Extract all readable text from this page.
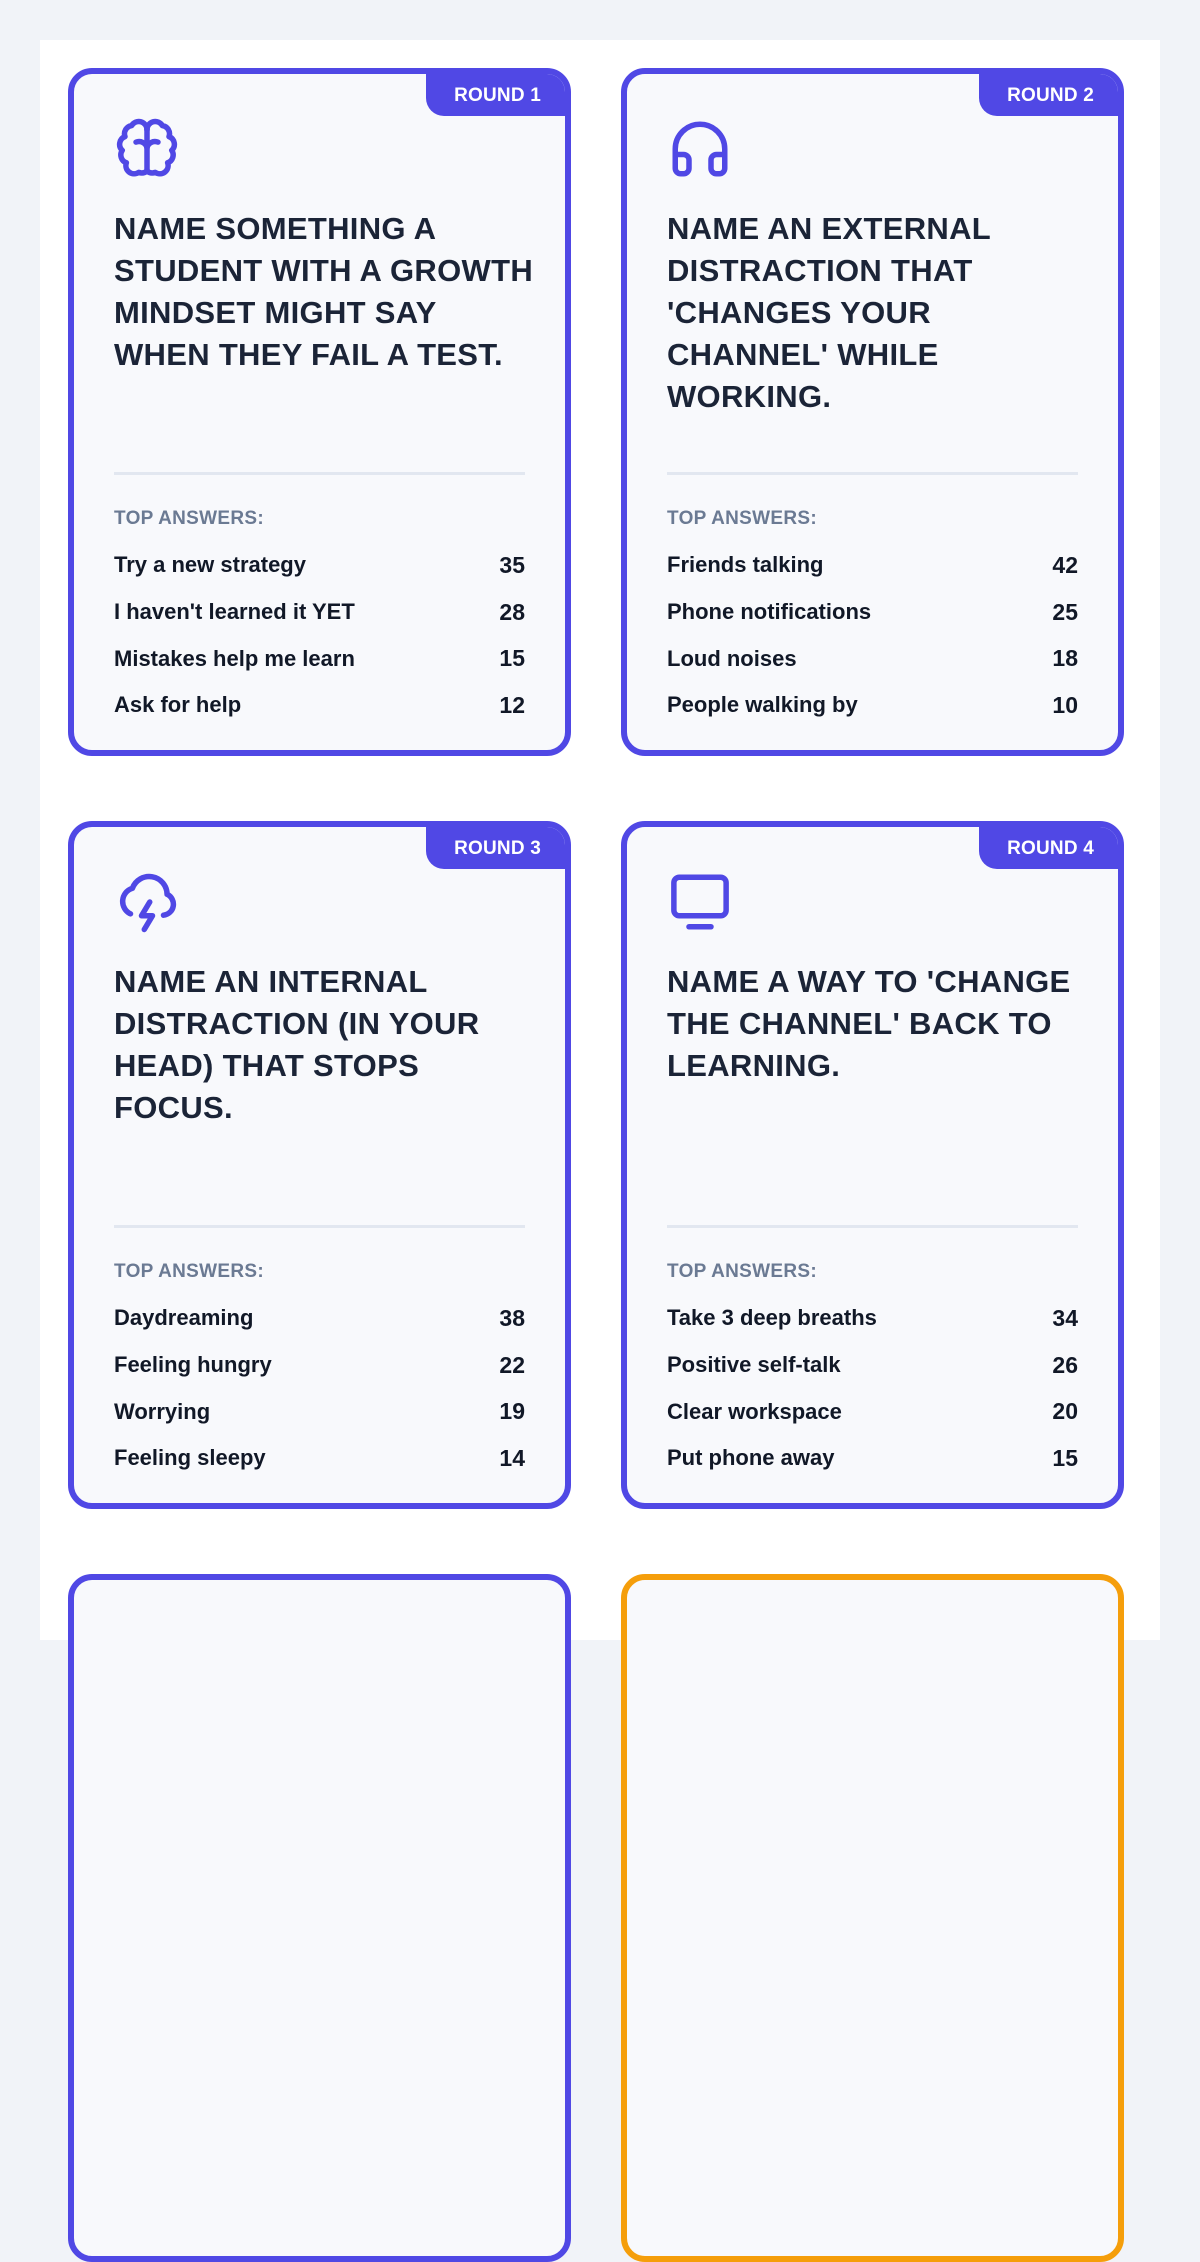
ROUND 1
NAME SOMETHING A STUDENT WITH A GROWTH MINDSET MIGHT SAY WHEN THEY FAIL A TEST.
TOP ANSWERS:
Try a new strategy	35
I haven't learned it YET	28
Mistakes help me learn	15
Ask for help	12
ROUND 2
NAME AN EXTERNAL DISTRACTION THAT 'CHANGES YOUR CHANNEL' WHILE WORKING.
TOP ANSWERS:
Friends talking	42
Phone notifications	25
Loud noises	18
People walking by	10
ROUND 3
NAME AN INTERNAL DISTRACTION (IN YOUR HEAD) THAT STOPS FOCUS.
TOP ANSWERS:
Daydreaming	38
Feeling hungry	22
Worrying	19
Feeling sleepy	14
ROUND 4
NAME A WAY TO 'CHANGE THE CHANNEL' BACK TO LEARNING.
TOP ANSWERS:
Take 3 deep breaths	34
Positive self-talk	26
Clear workspace	20
Put phone away	15
